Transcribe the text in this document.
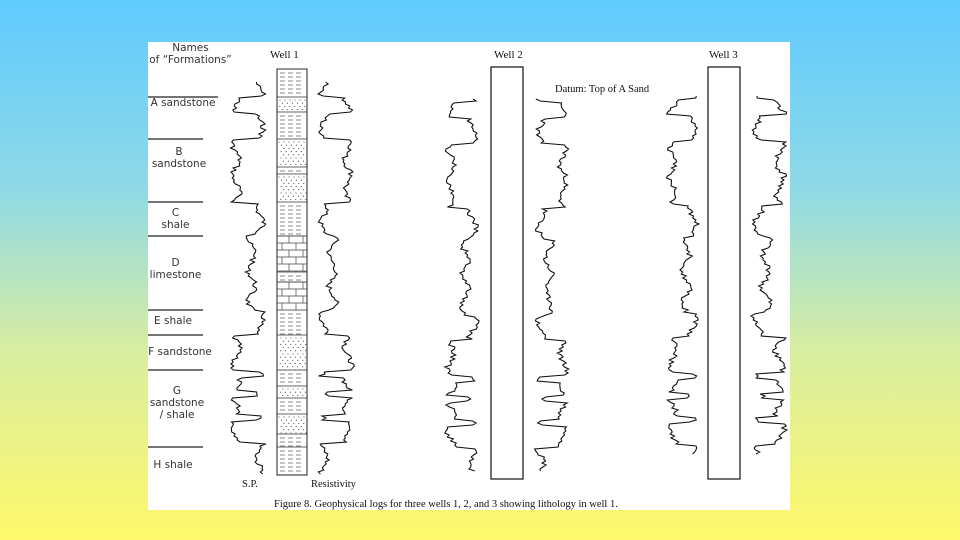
Names
of “Formations”
A sandstone
B
sandstone
C
shale
D
limestone
E shale
F sandstone
G
sandstone
/ shale
H shale
Well 1	Well 2	Well 3
Datum: Top of A Sand
S.P.	Resistivity
Figure 8. Geophysical logs for three wells 1, 2, and 3 showing lithology in well 1.
